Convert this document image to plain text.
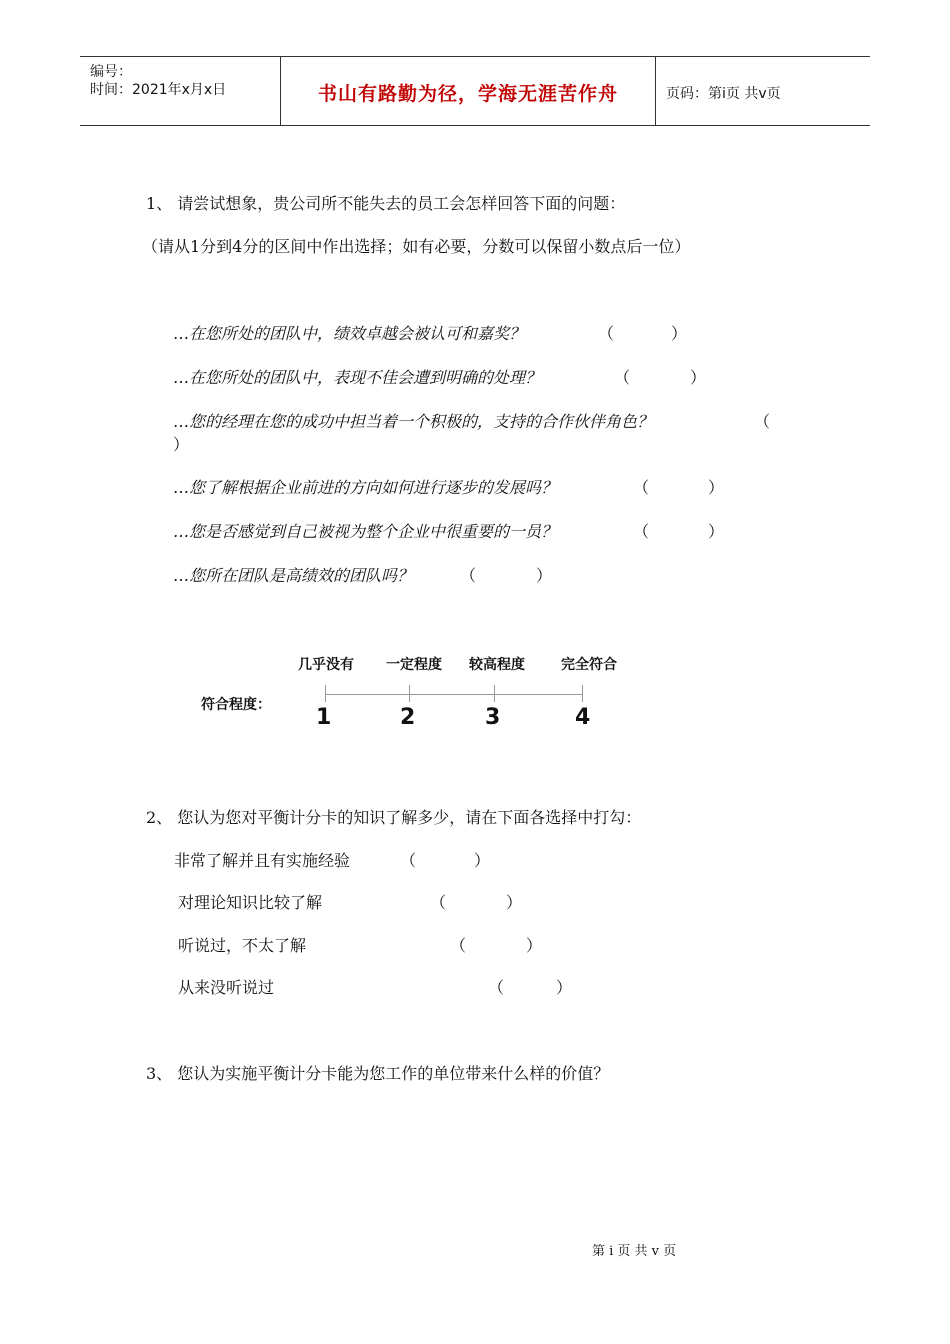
编号：
时间：2021年x月x日	书山有路勤为径，学海无涯苦作舟	页码：第i页 共v页
1、 请尝试想象，贵公司所不能失去的员工会怎样回答下面的问题：
（请从1分到4分的区间中作出选择；如有必要，分数可以保留小数点后一位）
…在您所处的团队中，绩效卓越会被认可和嘉奖？	（	）
…在您所处的团队中，表现不佳会遭到明确的处理？	（	）
…您的经理在您的成功中担当着一个积极的，支持的合作伙伴角色？	（
）
…您了解根据企业前进的方向如何进行逐步的发展吗？	（	）
…您是否感觉到自己被视为整个企业中很重要的一员？	（	）
…您所在团队是高绩效的团队吗？	（	）
几乎没有 一定程度 较高程度	完全符合
符合程度： 1	2	3	4
2、 您认为您对平衡计分卡的知识了解多少，请在下面各选择中打勾：
非常了解并且有实施经验	（	）
对理论知识比较了解	（	）
听说过，不太了解	（	）
从来没听说过	（	）
3、 您认为实施平衡计分卡能为您工作的单位带来什么样的价值？
第 i 页 共 v 页
